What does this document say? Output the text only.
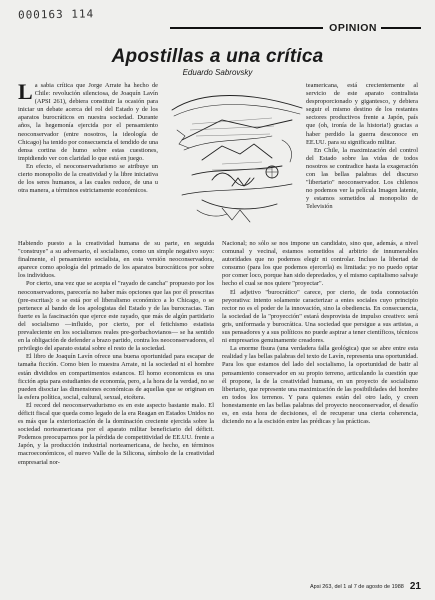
000163 114
OPINION
Apostillas a una crítica
Eduardo Sabrovsky

La sabia crítica que Jorge Arrate ha hecho de Chile: revolución silenciosa, de Joaquín Lavín (APSI 261), debiera constituir la ocasión para iniciar un debate acerca del rol del Estado y de los aparatos burocráticos en nuestra sociedad. Durante años, la hegemonía ejercida por el pensamiento neoconservador (entre nosotros, la ideología de Chicago) ha tenido por consecuencia el tendido de una densa cortina de humo sobre estas cuestiones, impidiendo ver con claridad lo que está en juego.

En efecto, el neoconservadurismo se atribuye un cierto monopolio de la creatividad y la libre iniciativa de los seres humanos, a las cuales reduce, de una u otra manera, a términos estrictamente económicos.

teamericana, está crecientemente al servicio de este aparato contralista desproporcionado y gigantesco, y debiera seguir el mismo destino de los restantes sectores productivos frente a Japón, país que (oh, ironía de la historia!) gracias a haber perdido la guerra desconoce en EE.UU. para su significado militar.

En Chile, la maximización del control del Estado sobre las vidas de todos nosotros se contradice hasta la exageración con las bellas palabras del discurso "libertario" neoconservador. Los chilenos no podemos ver la película Imagen latente, y estamos sometidos al monopolio de Televisión

Habiendo puesto a la creatividad humana de su parte, en seguida "construye" a su adversario, el socialismo, como un simple negativo suyo: finalmente, el pensamiento socialista, en esta versión neoconservadora, aparece como apología del primado de los aparatos burocráticos por sobre los individuos.

Por cierto, una vez que se acepta el "rayado de cancha" propuesto por los neoconservadores, parecería no haber más opciones que las por él prescritas (pre-escritas): o se está por el liberalismo económico a lo Chicago, o se pertenece al bando de los apologistas del Estado y de las burocracias. Tan fuerte es la fascinación que ejerce este rayado, que más de algún partidario del socialismo —influido, por cierto, por el fetichismo estatista prevaleciente en los socialismos reales pre-gorbachovianos— se ha sentido en la obligación de defender a brazo partido, contra los neoconservadores, el privilegio del aparato estatal sobre el resto de la sociedad.

El libro de Joaquín Lavín ofrece una buena oportunidad para escapar de tamaña ficción. Como bien lo muestra Arrate, ni la sociedad ni el hombre están divididos en compartimentos estancos. El homo economicus es una ficción apta para estudiantes de economía, pero, a la hora de la verdad, no se pueden disociar las dimensiones económicas de aquellas que se originan en la esfera política, social, cultural, sexual, etcétera.

El record del neoconservadurismo es en este aspecto bastante malo. El déficit fiscal que queda como legado de la era Reagan en Estados Unidos no es más que la exteriorización de la dominación creciente ejercida sobre la sociedad norteamericana por el aparato militar beneficiario del déficit. Podemos preocuparnos por la pérdida de competitividad de EE.UU. frente a Japón, y la producción industrial norteamericana, de hecho, en términos macroeconómicos, el nuevo Valle de la Silicona, símbolo de la creatividad empresarial nor-

Nacional; no sólo se nos impone un candidato, sino que, además, a nivel comunal y vecinal, estamos sometidos al arbitrio de innumerables autoridades que no podemos elegir ni controlar. Incluso la libertad de consumo (para los que podemos ejercerla) es limitada: yo no puedo optar por comer loco, porque han sido depredados, y el mismo capitalismo salvaje hecho el cual se nos quiere "proyectar".

El adjetivo "burocrático" carece, por cierto, de toda connotación peyorativa: intento solamente caracterizar a entes sociales cuyo principio rector no es el poder de la innovación, sino la obediencia. En consecuencia, la sociedad de la "proyección" estará desprovista de impulso creativo: será gris, uniformada y burocrática. Una sociedad que persigue a sus artistas, a sus pensadores y a sus políticos no puede aspirar a tener científicos, técnicos ni empresarios genuinamente creadores.

La enorme fisura (una verdadera falla geológica) que se abre entre esta realidad y las bellas palabras del texto de Lavín, representa una oportunidad. Para los que estamos del lado del socialismo, la oportunidad de batir al pensamiento conservador en su propio terreno, articulando la cuestión que él propone, la de la creatividad humana, en un proyecto de socialismo libertario, que represente una maximización de las posibilidades del hombre en todos los terrenos. Y para quienes están del otro lado, y creen honestamente en las bellas palabras del proyecto neoconservador, el desafío es, en esta hora de decisiones, el de recuperar una cierta coherencia, diciendo no a la escisión entre las prédicas y las prácticas.

Apsi 263, del 1 al 7 de agosto de 1988 21
